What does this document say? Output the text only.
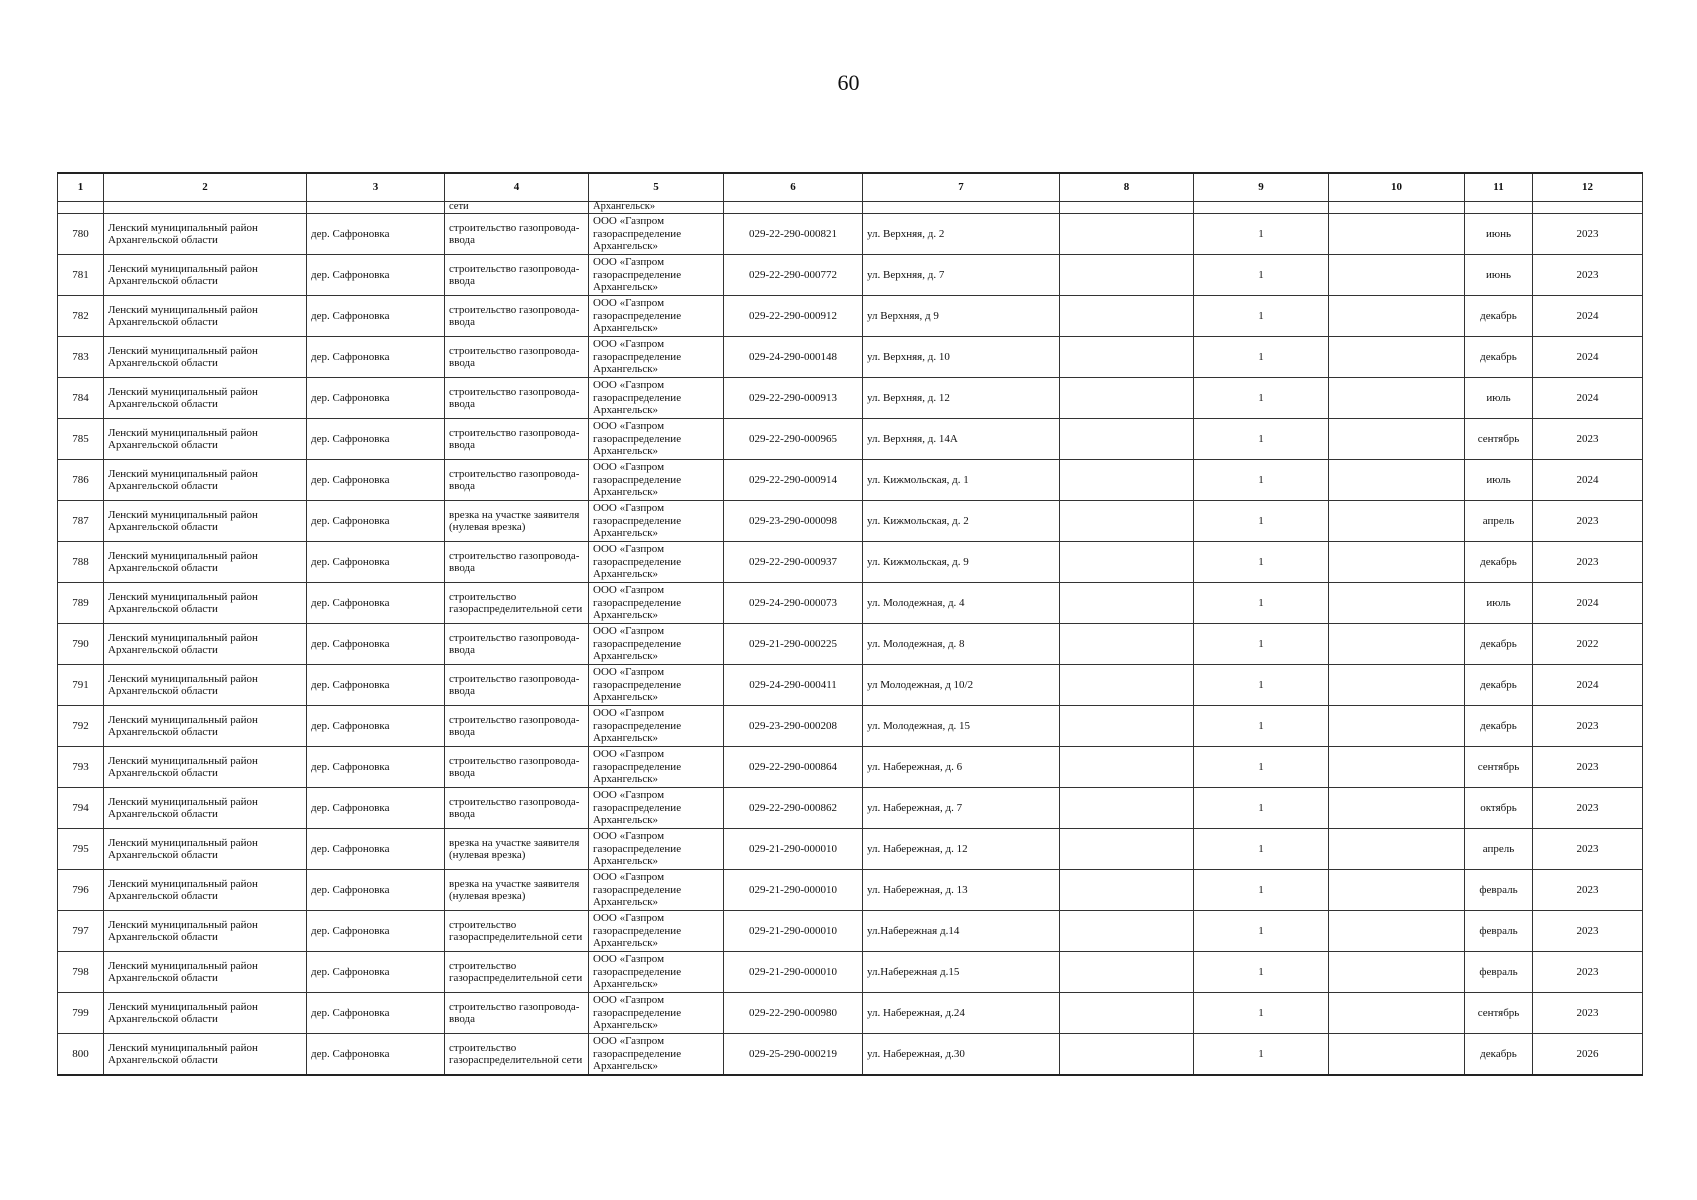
60
1	2	3	4	5	6	7	8	9	10	11	12
			сети	Архангельск»							
780	Ленский муниципальный район Архангельской области	дер. Сафроновка	строительство газопровода-ввода	ООО «Газпром газораспределение Архангельск»	029-22-290-000821	ул. Верхняя, д. 2		1		июнь	2023
781	Ленский муниципальный район Архангельской области	дер. Сафроновка	строительство газопровода-ввода	ООО «Газпром газораспределение Архангельск»	029-22-290-000772	ул. Верхняя, д. 7		1		июнь	2023
782	Ленский муниципальный район Архангельской области	дер. Сафроновка	строительство газопровода-ввода	ООО «Газпром газораспределение Архангельск»	029-22-290-000912	ул Верхняя, д 9		1		декабрь	2024
783	Ленский муниципальный район Архангельской области	дер. Сафроновка	строительство газопровода-ввода	ООО «Газпром газораспределение Архангельск»	029-24-290-000148	ул. Верхняя, д. 10		1		декабрь	2024
784	Ленский муниципальный район Архангельской области	дер. Сафроновка	строительство газопровода-ввода	ООО «Газпром газораспределение Архангельск»	029-22-290-000913	ул. Верхняя, д. 12		1		июль	2024
785	Ленский муниципальный район Архангельской области	дер. Сафроновка	строительство газопровода-ввода	ООО «Газпром газораспределение Архангельск»	029-22-290-000965	ул. Верхняя, д. 14А		1		сентябрь	2023
786	Ленский муниципальный район Архангельской области	дер. Сафроновка	строительство газопровода-ввода	ООО «Газпром газораспределение Архангельск»	029-22-290-000914	ул. Кижмольская, д. 1		1		июль	2024
787	Ленский муниципальный район Архангельской области	дер. Сафроновка	врезка на участке заявителя (нулевая врезка)	ООО «Газпром газораспределение Архангельск»	029-23-290-000098	ул. Кижмольская, д. 2		1		апрель	2023
788	Ленский муниципальный район Архангельской области	дер. Сафроновка	строительство газопровода-ввода	ООО «Газпром газораспределение Архангельск»	029-22-290-000937	ул. Кижмольская, д. 9		1		декабрь	2023
789	Ленский муниципальный район Архангельской области	дер. Сафроновка	строительство газораспределительной сети	ООО «Газпром газораспределение Архангельск»	029-24-290-000073	ул. Молодежная, д. 4		1		июль	2024
790	Ленский муниципальный район Архангельской области	дер. Сафроновка	строительство газопровода-ввода	ООО «Газпром газораспределение Архангельск»	029-21-290-000225	ул. Молодежная, д. 8		1		декабрь	2022
791	Ленский муниципальный район Архангельской области	дер. Сафроновка	строительство газопровода-ввода	ООО «Газпром газораспределение Архангельск»	029-24-290-000411	ул Молодежная, д 10/2		1		декабрь	2024
792	Ленский муниципальный район Архангельской области	дер. Сафроновка	строительство газопровода-ввода	ООО «Газпром газораспределение Архангельск»	029-23-290-000208	ул. Молодежная, д. 15		1		декабрь	2023
793	Ленский муниципальный район Архангельской области	дер. Сафроновка	строительство газопровода-ввода	ООО «Газпром газораспределение Архангельск»	029-22-290-000864	ул. Набережная, д. 6		1		сентябрь	2023
794	Ленский муниципальный район Архангельской области	дер. Сафроновка	строительство газопровода-ввода	ООО «Газпром газораспределение Архангельск»	029-22-290-000862	ул. Набережная, д. 7		1		октябрь	2023
795	Ленский муниципальный район Архангельской области	дер. Сафроновка	врезка на участке заявителя (нулевая врезка)	ООО «Газпром газораспределение Архангельск»	029-21-290-000010	ул. Набережная, д. 12		1		апрель	2023
796	Ленский муниципальный район Архангельской области	дер. Сафроновка	врезка на участке заявителя (нулевая врезка)	ООО «Газпром газораспределение Архангельск»	029-21-290-000010	ул. Набережная, д. 13		1		февраль	2023
797	Ленский муниципальный район Архангельской области	дер. Сафроновка	строительство газораспределительной сети	ООО «Газпром газораспределение Архангельск»	029-21-290-000010	ул.Набережная д.14		1		февраль	2023
798	Ленский муниципальный район Архангельской области	дер. Сафроновка	строительство газораспределительной сети	ООО «Газпром газораспределение Архангельск»	029-21-290-000010	ул.Набережная д.15		1		февраль	2023
799	Ленский муниципальный район Архангельской области	дер. Сафроновка	строительство газопровода-ввода	ООО «Газпром газораспределение Архангельск»	029-22-290-000980	ул. Набережная, д.24		1		сентябрь	2023
800	Ленский муниципальный район Архангельской области	дер. Сафроновка	строительство газораспределительной сети	ООО «Газпром газораспределение Архангельск»	029-25-290-000219	ул. Набережная, д.30		1		декабрь	2026
